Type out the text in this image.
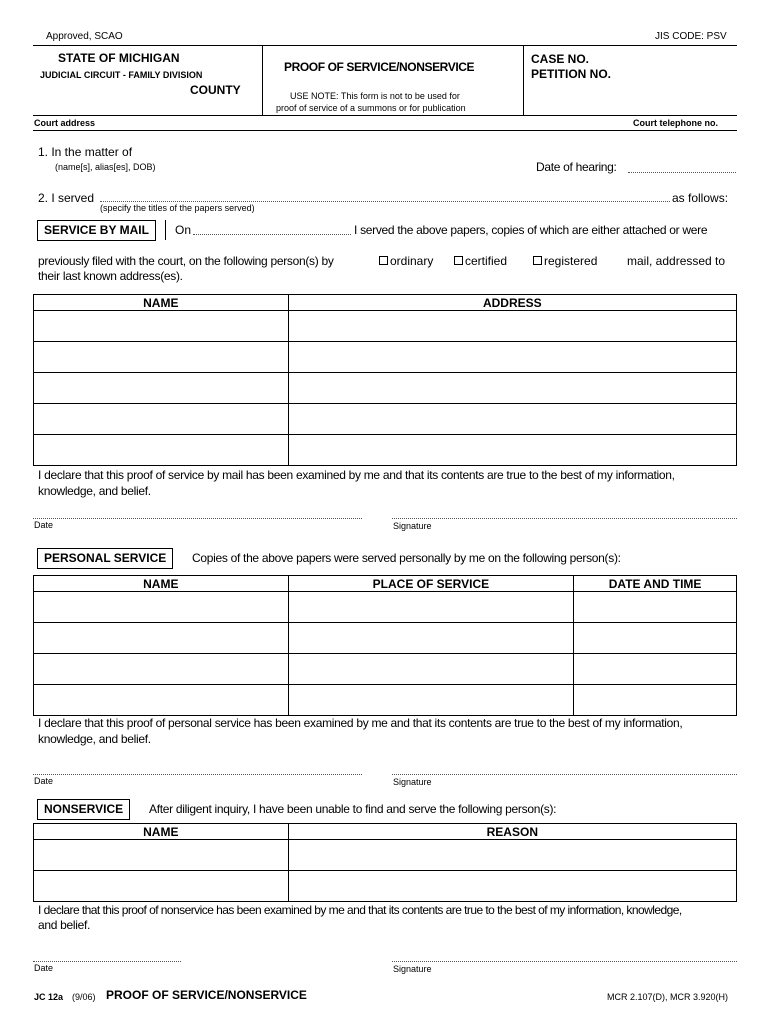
Approved, SCAO	JIS CODE: PSV
STATE OF MICHIGAN
JUDICIAL CIRCUIT - FAMILY DIVISION
COUNTY
PROOF OF SERVICE/NONSERVICE
USE NOTE: This form is not to be used for
proof of service of a summons or for publication
CASE NO.
PETITION NO.
Court address	Court telephone no.
1. In the matter of
(name[s], alias[es], DOB)	Date of hearing:
2. I served
(specify the titles of the papers served)
as follows:
SERVICE BY MAIL	On	I served the above papers, copies of which are either attached or were
previously filed with the court, on the following person(s) by
their last known address(es).
ordinary	certified	registered mail, addressed to
NAME	ADDRESS

I declare that this proof of service by mail has been examined by me and that its contents are true to the best of my information,
knowledge, and belief.
Date	Signature
PERSONAL SERVICE	Copies of the above papers were served personally by me on the following person(s):
NAME	PLACE OF SERVICE	DATE AND TIME

I declare that this proof of personal service has been examined by me and that its contents are true to the best of my information,
knowledge, and belief.
Date	Signature
NONSERVICE	After diligent inquiry, I have been unable to find and serve the following person(s):
NAME	REASON

I declare that this proof of nonservice has been examined by me and that its contents are true to the best of my information, knowledge,
and belief.
Date	Signature
JC 12a (9/06) PROOF OF SERVICE/NONSERVICE	MCR 2.107(D), MCR 3.920(H)
